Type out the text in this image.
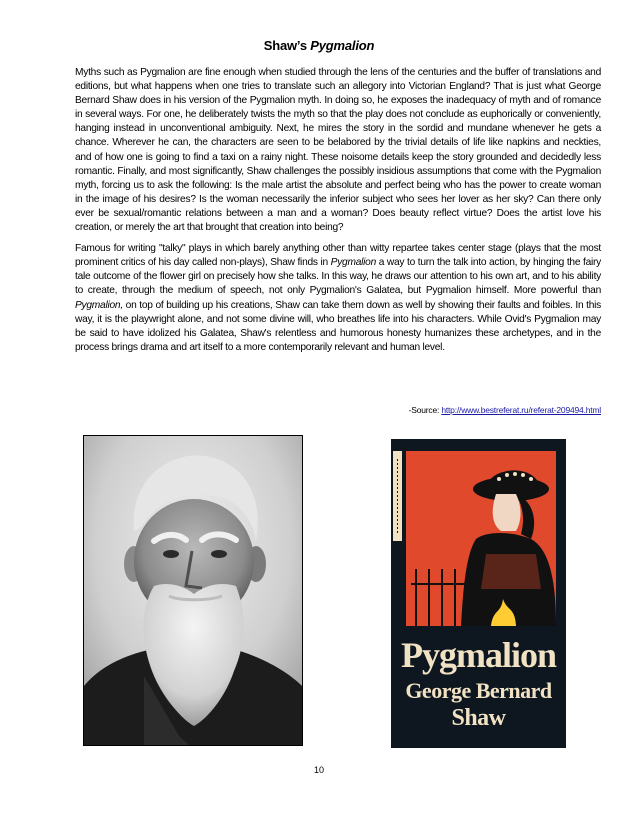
Shaw’s Pygmalion

Myths such as Pygmalion are fine enough when studied through the lens of the centuries and the buffer of translations and editions, but what happens when one tries to translate such an allegory into Victorian England? That is just what George Bernard Shaw does in his version of the Pygmalion myth. In doing so, he exposes the inadequacy of myth and of romance in several ways. For one, he deliberately twists the myth so that the play does not conclude as euphorically or conveniently, hanging instead in unconventional ambiguity. Next, he mires the story in the sordid and mundane whenever he gets a chance. Wherever he can, the characters are seen to be belabored by the trivial details of life like napkins and neckties, and of how one is going to find a taxi on a rainy night. These noisome details keep the story grounded and decidedly less romantic. Finally, and most significantly, Shaw challenges the possibly insidious assumptions that come with the Pygmalion myth, forcing us to ask the following: Is the male artist the absolute and perfect being who has the power to create woman in the image of his desires? Is the woman necessarily the inferior subject who sees her lover as her sky? Can there only ever be sexual/romantic relations between a man and a woman? Does beauty reflect virtue? Does the artist love his creation, or merely the art that brought that creation into being?

Famous for writing "talky" plays in which barely anything other than witty repartee takes center stage (plays that the most prominent critics of his day called non-plays), Shaw finds in Pygmalion a way to turn the talk into action, by hinging the fairy tale outcome of the flower girl on precisely how she talks. In this way, he draws our attention to his own art, and to his ability to create, through the medium of speech, not only Pygmalion's Galatea, but Pygmalion himself. More powerful than Pygmalion, on top of building up his creations, Shaw can take them down as well by showing their faults and foibles. In this way, it is the playwright alone, and not some divine will, who breathes life into his characters. While Ovid's Pygmalion may be said to have idolized his Galatea, Shaw's relentless and humorous honesty humanizes these archetypes, and in the process brings drama and art itself to a more contemporarily relevant and human level.

-Source: http://www.bestreferat.ru/referat-209494.html
Pygmalion
George Bernard
Shaw
10
